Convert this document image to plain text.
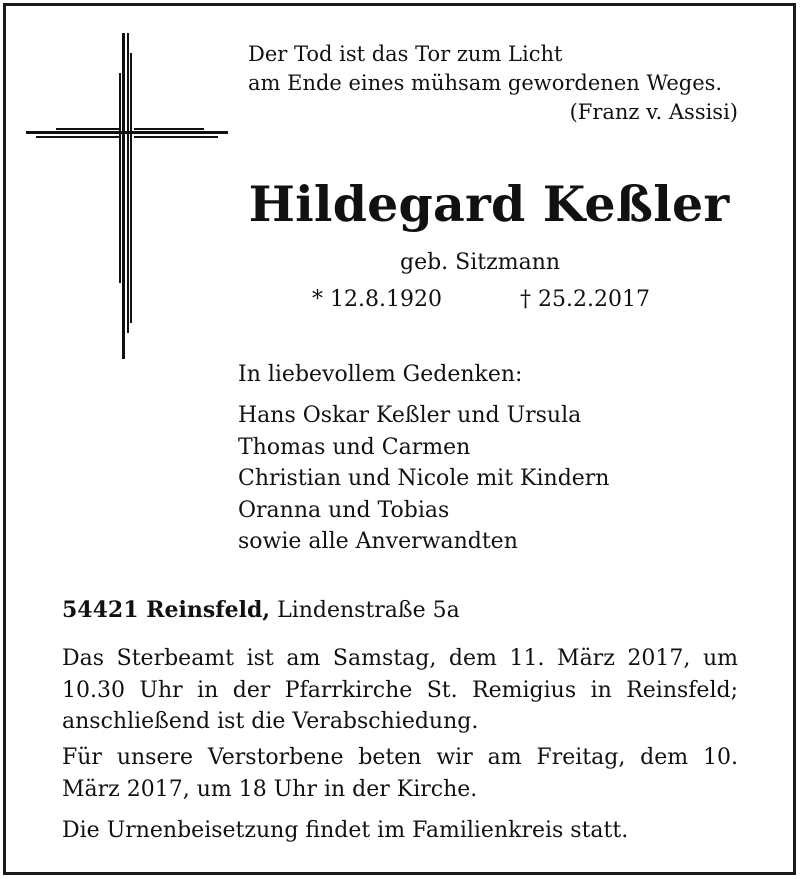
Der Tod ist das Tor zum Licht
am Ende eines mühsam gewordenen Weges.
(Franz v. Assisi)
Hildegard Keßler
geb. Sitzmann
* 12.8.1920	† 25.2.2017
In liebevollem Gedenken:
Hans Oskar Keßler und Ursula
Thomas und Carmen
Christian und Nicole mit Kindern
Oranna und Tobias
sowie alle Anverwandten
54421 Reinsfeld, Lindenstraße 5a
Das Sterbeamt ist am Samstag, dem 11. März 2017, um 10.30 Uhr in der Pfarrkirche St. Remigius in Reinsfeld; anschließend ist die Verabschiedung.
Für unsere Verstorbene beten wir am Freitag, dem 10. März 2017, um 18 Uhr in der Kirche.
Die Urnenbeisetzung findet im Familienkreis statt.
